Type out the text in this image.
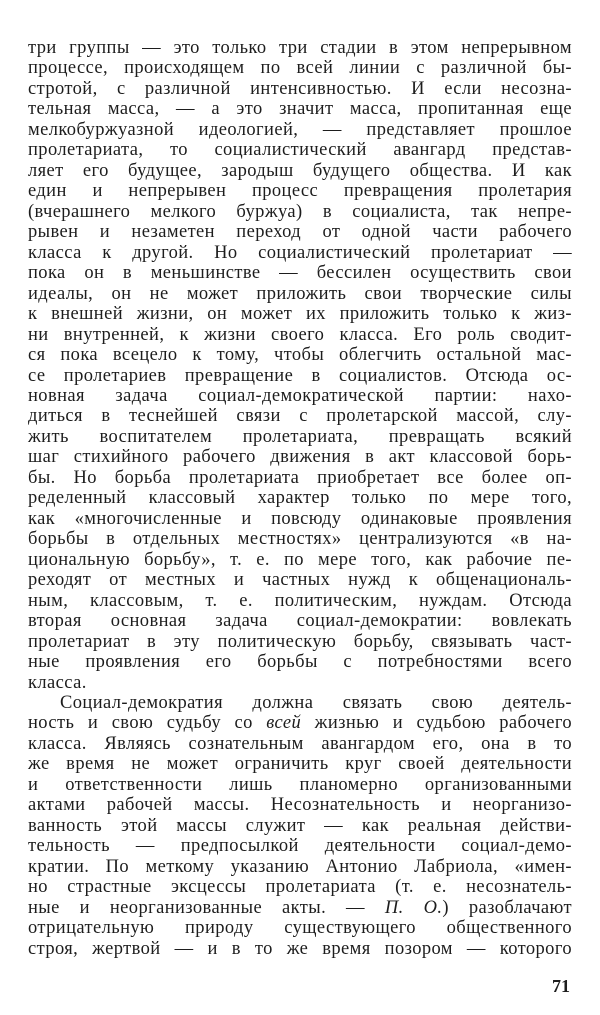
три группы — это только три стадии в этом непрерывном
процессе, происходящем по всей линии с различной бы-
стротой, с различной интенсивностью. И если несозна-
тельная масса, — а это значит масса, пропитанная еще
мелкобуржуазной идеологией, — представляет прошлое
пролетариата, то социалистический авангард представ-
ляет его будущее, зародыш будущего общества. И как
един и непрерывен процесс превращения пролетария
(вчерашнего мелкого буржуа) в социалиста, так непре-
рывен и незаметен переход от одной части рабочего
класса к другой. Но социалистический пролетариат —
пока он в меньшинстве — бессилен осуществить свои
идеалы, он не может приложить свои творческие силы
к внешней жизни, он может их приложить только к жиз-
ни внутренней, к жизни своего класса. Его роль сводит-
ся пока всецело к тому, чтобы облегчить остальной мас-
се пролетариев превращение в социалистов. Отсюда ос-
новная задача социал-демократической партии: нахо-
диться в теснейшей связи с пролетарской массой, слу-
жить воспитателем пролетариата, превращать всякий
шаг стихийного рабочего движения в акт классовой борь-
бы. Но борьба пролетариата приобретает все более оп-
ределенный классовый характер только по мере того,
как «многочисленные и повсюду одинаковые проявления
борьбы в отдельных местностях» централизуются «в на-
циональную борьбу», т. е. по мере того, как рабочие пе-
реходят от местных и частных нужд к общенациональ-
ным, классовым, т. е. политическим, нуждам. Отсюда
вторая основная задача социал-демократии: вовлекать
пролетариат в эту политическую борьбу, связывать част-
ные проявления его борьбы с потребностями всего
класса.
Социал-демократия должна связать свою деятель-
ность и свою судьбу со всей жизнью и судьбою рабочего
класса. Являясь сознательным авангардом его, она в то
же время не может ограничить круг своей деятельности
и ответственности лишь планомерно организованными
актами рабочей массы. Несознательность и неорганизо-
ванность этой массы служит — как реальная действи-
тельность — предпосылкой деятельности социал-демо-
кратии. По меткому указанию Антонио Лабриола, «имен-
но страстные эксцессы пролетариата (т. е. несознатель-
ные и неорганизованные акты. — П. О.) разоблачают
отрицательную природу существующего общественного
строя, жертвой — и в то же время позором — которого
71
